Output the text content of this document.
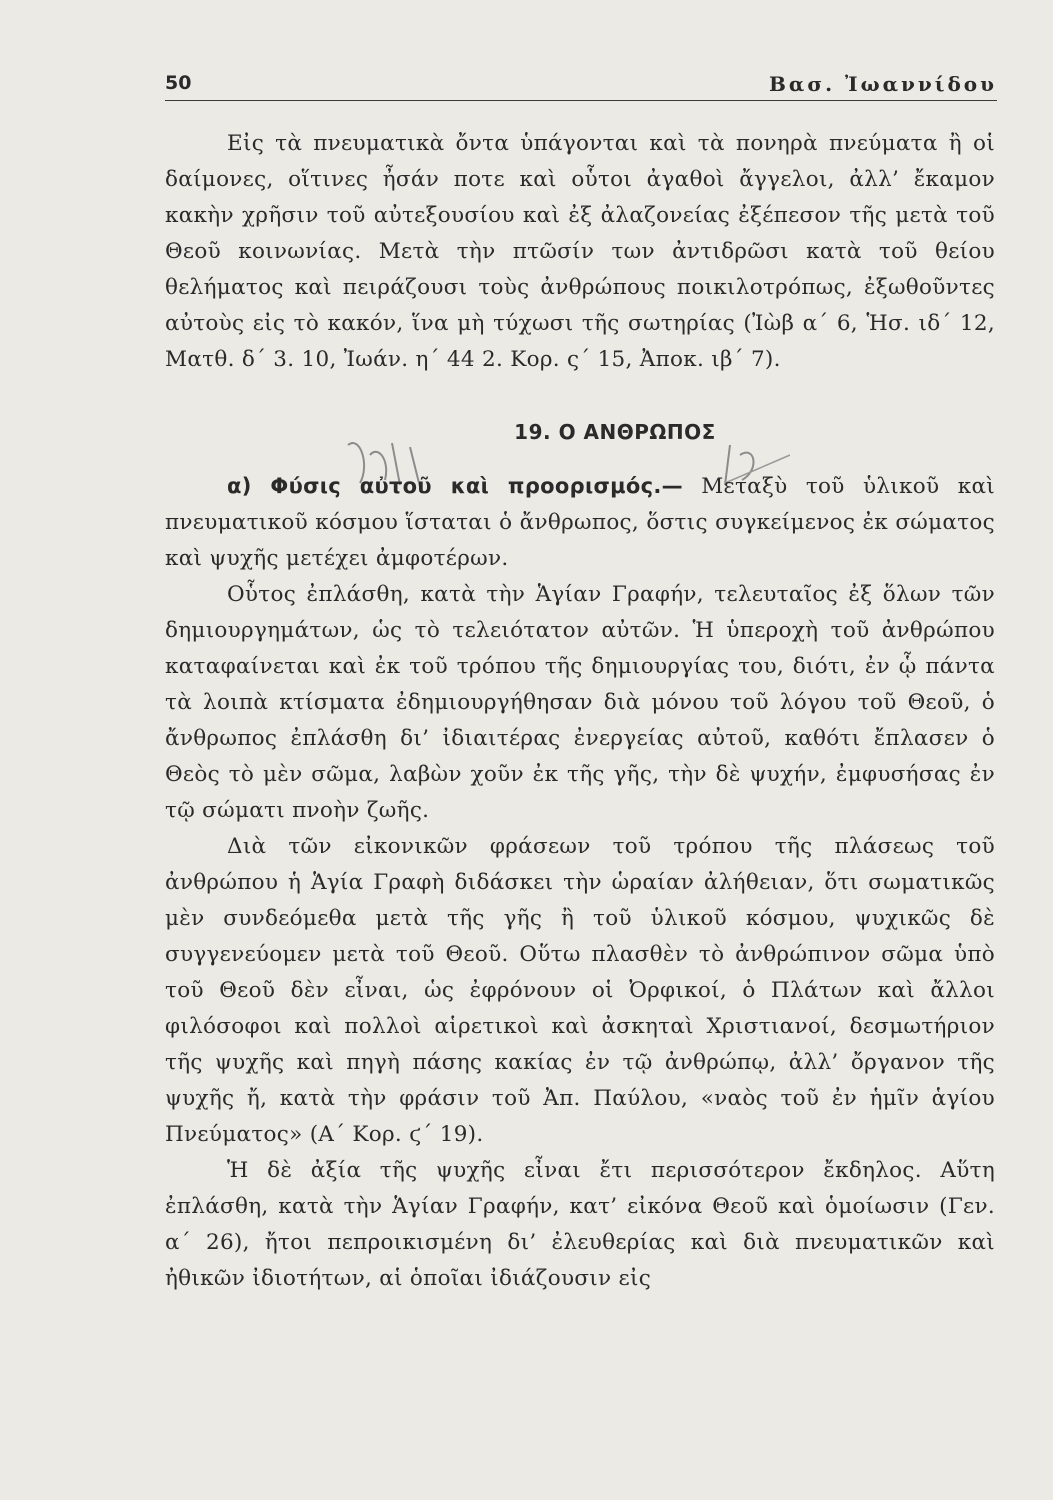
50	Βασ. Ἰωαννίδου

Εἰς τὰ πνευματικὰ ὄντα ὑπάγονται καὶ τὰ πονηρὰ πνεύματα ἢ οἱ δαίμονες, οἵτινες ἦσάν ποτε καὶ οὗτοι ἀγαθοὶ ἄγγελοι, ἀλλ’ ἔκαμον κακὴν χρῆσιν τοῦ αὐτεξουσίου καὶ ἐξ ἀλαζονείας ἐξέπεσον τῆς μετὰ τοῦ Θεοῦ κοινωνίας. Μετὰ τὴν πτῶσίν των ἀντιδρῶσι κατὰ τοῦ θείου θελήματος καὶ πειράζουσι τοὺς ἀνθρώπους ποικιλοτρόπως, ἐξωθοῦντες αὐτοὺς εἰς τὸ κακόν, ἵνα μὴ τύχωσι τῆς σωτηρίας (Ἰὼβ α΄ 6, Ἡσ. ιδ΄ 12, Ματθ. δ΄ 3. 10, Ἰωάν. η΄ 44 2. Κορ. ς΄ 15, Ἀποκ. ιβ΄ 7).

19. Ο ΑΝΘΡΩΠΟΣ

α) Φύσις αὐτοῦ καὶ προορισμός.— Μεταξὺ τοῦ ὑλικοῦ καὶ πνευματικοῦ κόσμου ἵσταται ὁ ἄνθρωπος, ὅστις συγκείμενος ἐκ σώματος καὶ ψυχῆς μετέχει ἀμφοτέρων.

Οὗτος ἐπλάσθη, κατὰ τὴν Ἁγίαν Γραφήν, τελευταῖος ἐξ ὅλων τῶν δημιουργημάτων, ὡς τὸ τελειότατον αὐτῶν. Ἡ ὑπεροχὴ τοῦ ἀνθρώπου καταφαίνεται καὶ ἐκ τοῦ τρόπου τῆς δημιουργίας του, διότι, ἐν ᾧ πάντα τὰ λοιπὰ κτίσματα ἐδημιουργήθησαν διὰ μόνου τοῦ λόγου τοῦ Θεοῦ, ὁ ἄνθρωπος ἐπλάσθη δι’ ἰδιαιτέρας ἐνεργείας αὐτοῦ, καθότι ἔπλασεν ὁ Θεὸς τὸ μὲν σῶμα, λαβὼν χοῦν ἐκ τῆς γῆς, τὴν δὲ ψυχήν, ἐμφυσήσας ἐν τῷ σώματι πνοὴν ζωῆς.

Διὰ τῶν εἰκονικῶν φράσεων τοῦ τρόπου τῆς πλάσεως τοῦ ἀνθρώπου ἡ Ἁγία Γραφὴ διδάσκει τὴν ὡραίαν ἀλήθειαν, ὅτι σωματικῶς μὲν συνδεόμεθα μετὰ τῆς γῆς ἢ τοῦ ὑλικοῦ κόσμου, ψυχικῶς δὲ συγγενεύομεν μετὰ τοῦ Θεοῦ. Οὕτω πλασθὲν τὸ ἀνθρώπινον σῶμα ὑπὸ τοῦ Θεοῦ δὲν εἶναι, ὡς ἐφρόνουν οἱ Ὀρφικοί, ὁ Πλάτων καὶ ἄλλοι φιλόσοφοι καὶ πολλοὶ αἱρετικοὶ καὶ ἀσκηταὶ Χριστιανοί, δεσμωτήριον τῆς ψυχῆς καὶ πηγὴ πάσης κακίας ἐν τῷ ἀνθρώπῳ, ἀλλ’ ὄργανον τῆς ψυχῆς ἤ, κατὰ τὴν φράσιν τοῦ Ἀπ. Παύλου, «ναὸς τοῦ ἐν ἡμῖν ἁγίου Πνεύματος» (Α΄ Κορ. ϛ΄ 19).

Ἡ δὲ ἀξία τῆς ψυχῆς εἶναι ἔτι περισσότερον ἔκδηλος. Αὕτη ἐπλάσθη, κατὰ τὴν Ἁγίαν Γραφήν, κατ’ εἰκόνα Θεοῦ καὶ ὁμοίωσιν (Γεν. α΄ 26), ἤτοι πεπροικισμένη δι’ ἐλευθερίας καὶ διὰ πνευματικῶν καὶ ἠθικῶν ἰδιοτήτων, αἱ ὁποῖαι ἰδιάζουσιν εἰς
